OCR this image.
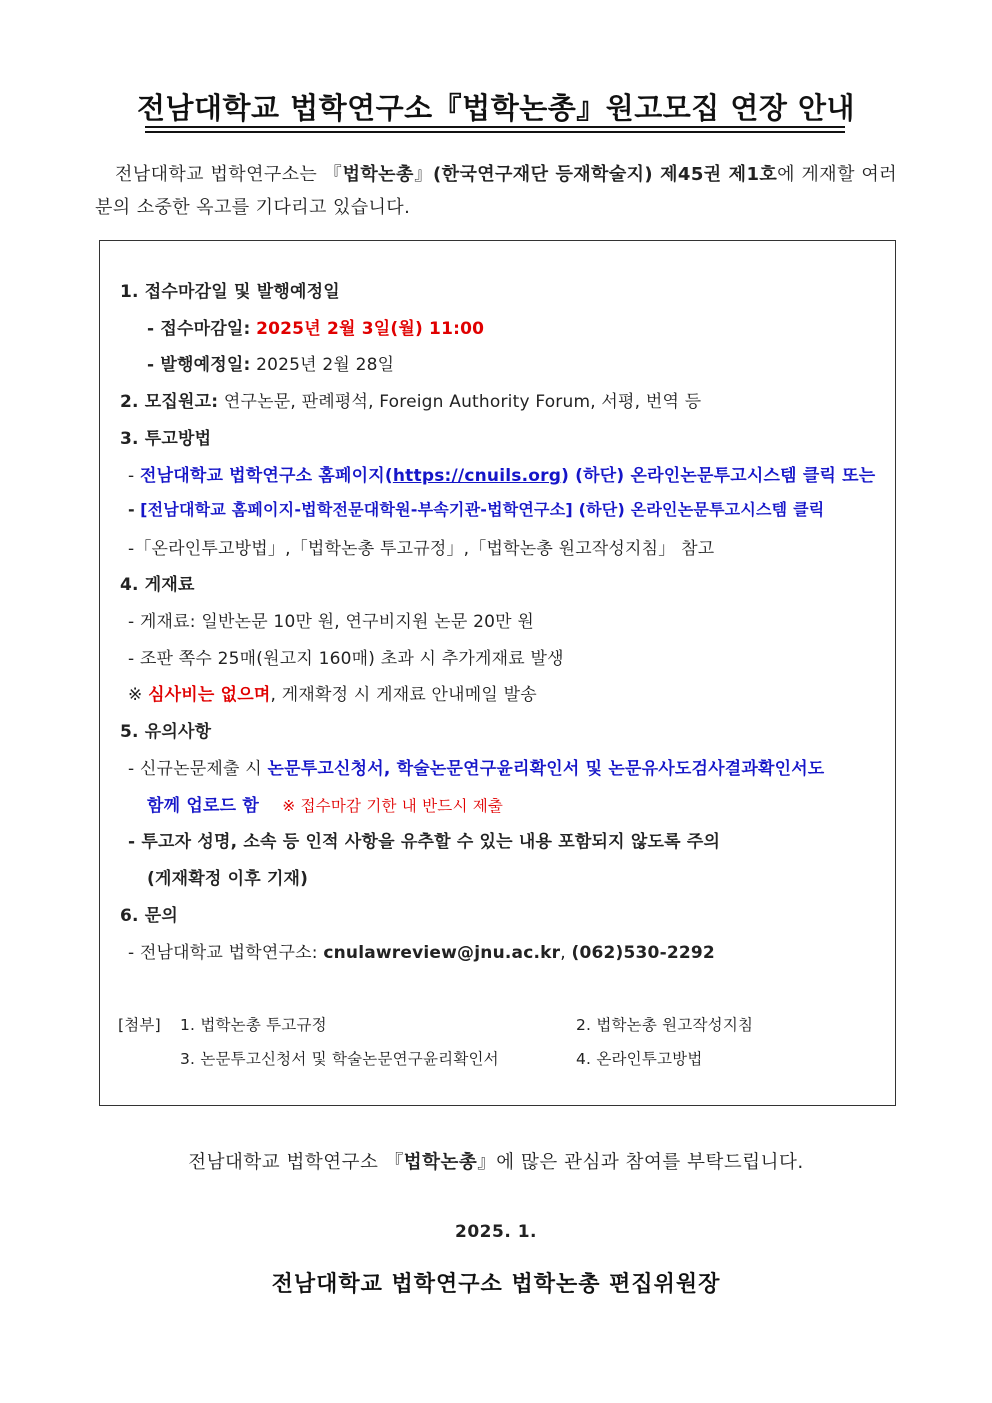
전남대학교 법학연구소『법학논총』원고모집 연장 안내
전남대학교 법학연구소는 『법학논총』(한국연구재단 등재학술지) 제45권 제1호에 게재할 여러분의 소중한 옥고를 기다리고 있습니다.
1. 접수마감일 및 발행예정일
- 접수마감일: 2025년 2월 3일(월) 11:00
- 발행예정일: 2025년 2월 28일
2. 모집원고: 연구논문, 판례평석, Foreign Authority Forum, 서평, 번역 등
3. 투고방법
- 전남대학교 법학연구소 홈페이지(https://cnuils.org) (하단) 온라인논문투고시스템 클릭 또는
- [전남대학교 홈페이지-법학전문대학원-부속기관-법학연구소] (하단) 온라인논문투고시스템 클릭
-「온라인투고방법」,「법학논총 투고규정」,「법학논총 원고작성지침」 참고
4. 게재료
- 게재료: 일반논문 10만 원, 연구비지원 논문 20만 원
- 조판 쪽수 25매(원고지 160매) 초과 시 추가게재료 발생
※ 심사비는 없으며, 게재확정 시 게재료 안내메일 발송
5. 유의사항
- 신규논문제출 시 논문투고신청서, 학술논문연구윤리확인서 및 논문유사도검사결과확인서도
함께 업로드 함 ※ 접수마감 기한 내 반드시 제출
- 투고자 성명, 소속 등 인적 사항을 유추할 수 있는 내용 포함되지 않도록 주의
(게재확정 이후 기재)
6. 문의
- 전남대학교 법학연구소: cnulawreview@jnu.ac.kr, (062)530-2292
[첨부] 1. 법학논총 투고규정	2. 법학논총 원고작성지침
3. 논문투고신청서 및 학술논문연구윤리확인서	4. 온라인투고방법
전남대학교 법학연구소 『법학논총』에 많은 관심과 참여를 부탁드립니다.
2025. 1.
전남대학교 법학연구소 법학논총 편집위원장
